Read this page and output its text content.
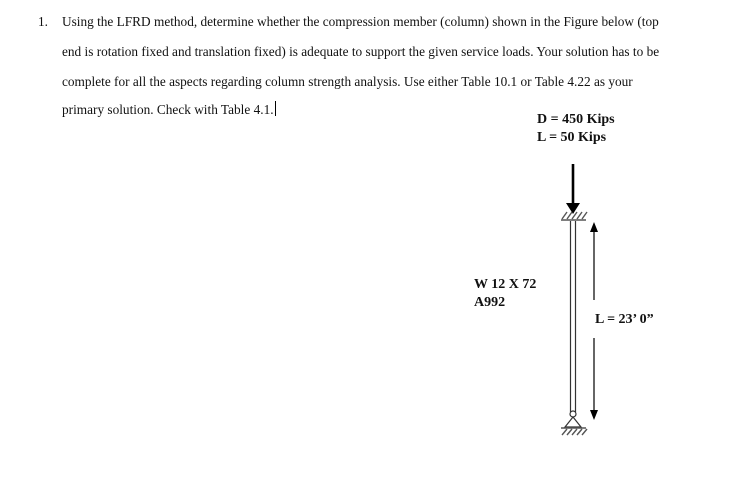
1. Using the LFRD method, determine whether the compression member (column) shown in the Figure below (top
end is rotation fixed and translation fixed) is adequate to support the given service loads. Your solution has to be
complete for all the aspects regarding column strength analysis. Use either Table 10.1 or Table 4.22 as your
primary solution. Check with Table 4.1.
D = 450 Kips
L = 50 Kips
W 12 X 72
A992
L = 23’ 0”
